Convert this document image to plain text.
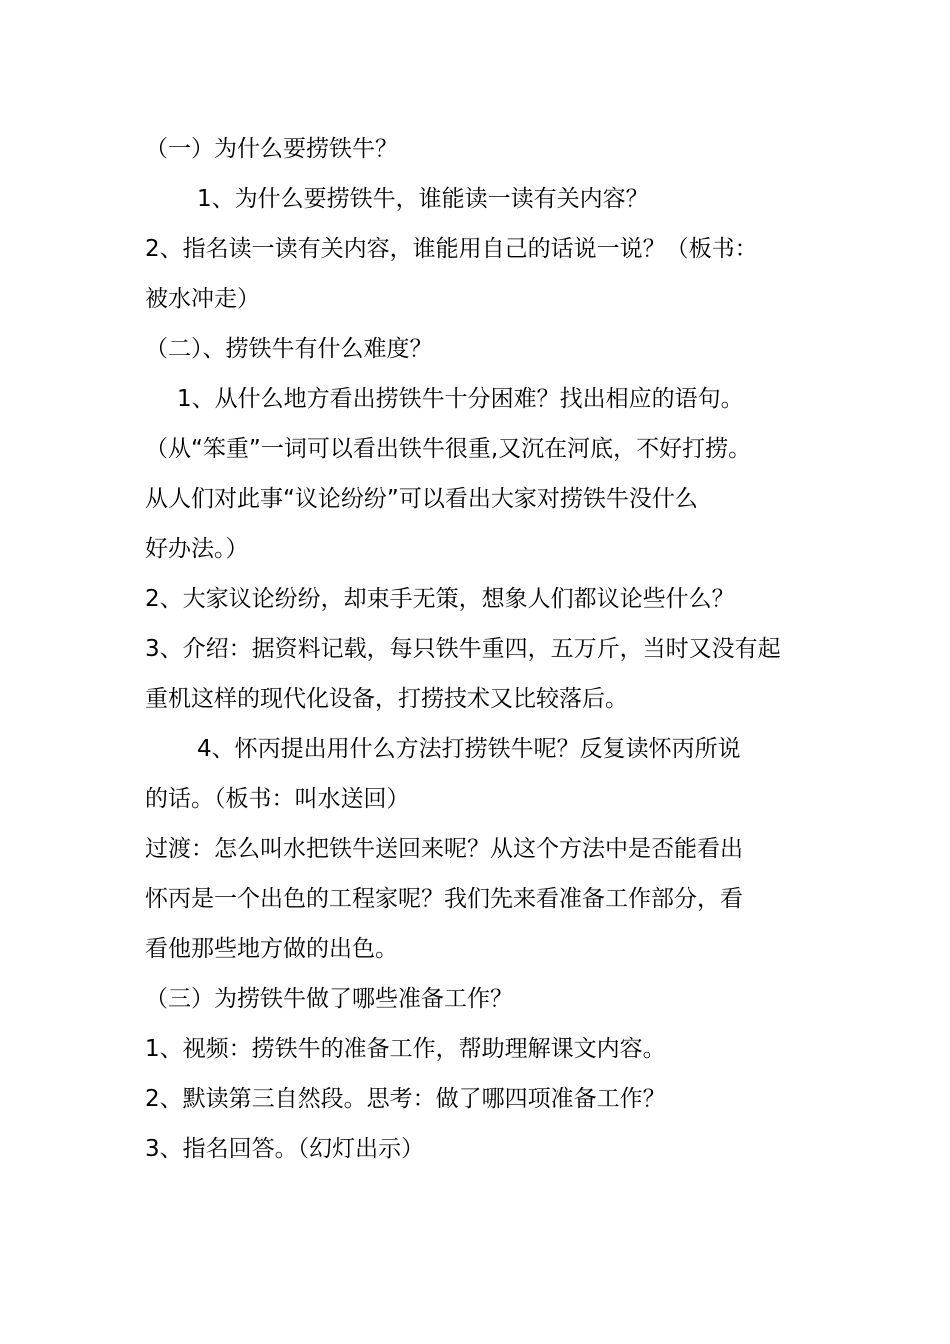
（一）为什么要捞铁牛？
1、为什么要捞铁牛，谁能读一读有关内容？
2、指名读一读有关内容，谁能用自己的话说一说？（板书：
被水冲走）
（二）、捞铁牛有什么难度？
1、从什么地方看出捞铁牛十分困难？找出相应的语句。
（从“笨重”一词可以看出铁牛很重,又沉在河底，不好打捞。
从人们对此事“议论纷纷”可以看出大家对捞铁牛没什么
好办法。）
2、大家议论纷纷，却束手无策，想象人们都议论些什么？
3、介绍：据资料记载，每只铁牛重四，五万斤，当时又没有起
重机这样的现代化设备，打捞技术又比较落后。
4、怀丙提出用什么方法打捞铁牛呢？反复读怀丙所说
的话。（板书：叫水送回）
过渡：怎么叫水把铁牛送回来呢？从这个方法中是否能看出
怀丙是一个出色的工程家呢？我们先来看准备工作部分，看
看他那些地方做的出色。
（三）为捞铁牛做了哪些准备工作？
1、视频：捞铁牛的准备工作，帮助理解课文内容。
2、默读第三自然段。思考：做了哪四项准备工作？
3、指名回答。（幻灯出示）
